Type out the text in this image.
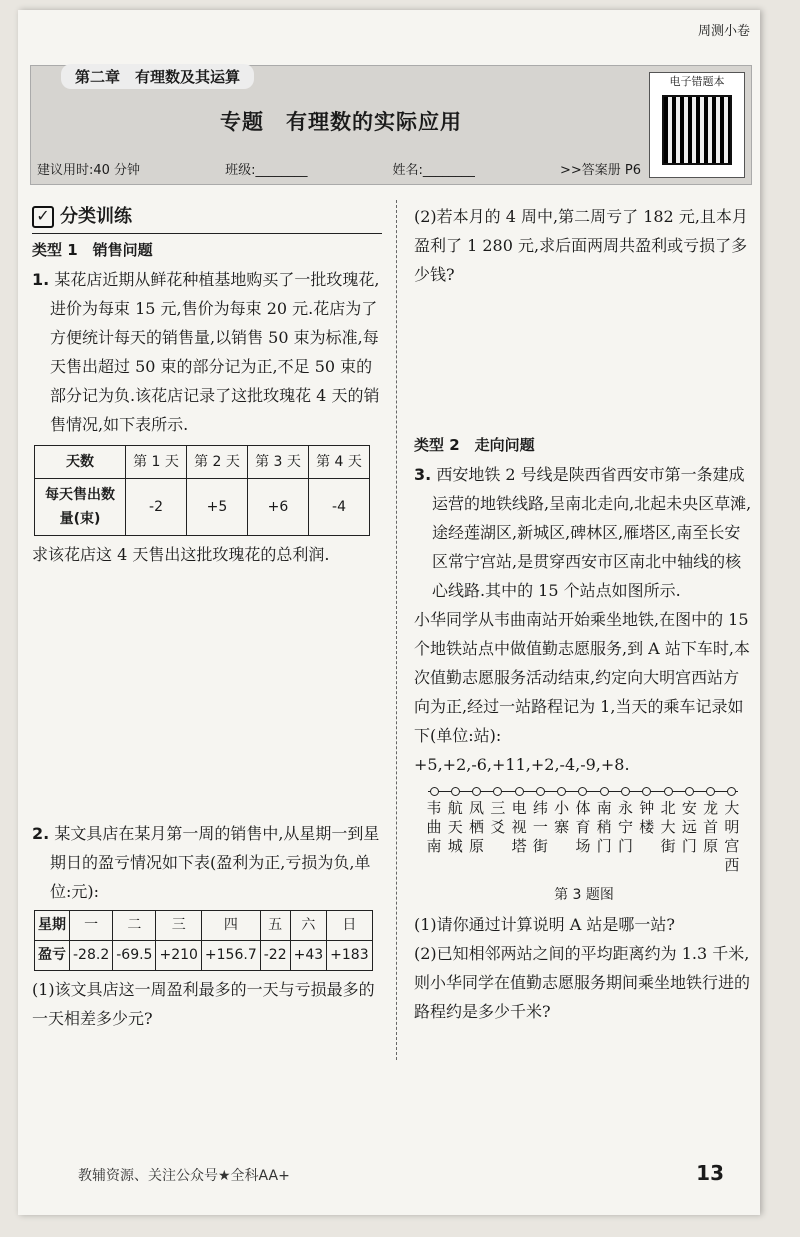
周测小卷
第二章　有理数及其运算
专题　有理数的实际应用
建议用时:40 分钟	班级:________	姓名:________	>>答案册 P6
电子错题本
✓ 分类训练
类型 1　销售问题
1. 某花店近期从鲜花种植基地购买了一批玫瑰花,进价为每束 15 元,售价为每束 20 元.花店为了方便统计每天的销售量,以销售 50 束为标准,每天售出超过 50 束的部分记为正,不足 50 束的部分记为负.该花店记录了这批玫瑰花 4 天的销售情况,如下表所示.
天数	第 1 天	第 2 天	第 3 天	第 4 天
每天售出数量(束)	-2	+5	+6	-4
求该花店这 4 天售出这批玫瑰花的总利润.
2. 某文具店在某月第一周的销售中,从星期一到星期日的盈亏情况如下表(盈利为正,亏损为负,单位:元):
星期	一	二	三	四	五	六	日
盈亏	-28.2	-69.5	+210	+156.7	-22	+43	+183
(1)该文具店这一周盈利最多的一天与亏损最多的一天相差多少元?
(2)若本月的 4 周中,第二周亏了 182 元,且本月盈利了 1 280 元,求后面两周共盈利或亏损了多少钱?
类型 2　走向问题
3. 西安地铁 2 号线是陕西省西安市第一条建成运营的地铁线路,呈南北走向,北起未央区草滩,途经莲湖区,新城区,碑林区,雁塔区,南至长安区常宁宫站,是贯穿西安市区南北中轴线的核心线路.其中的 15 个站点如图所示.
小华同学从韦曲南站开始乘坐地铁,在图中的 15 个地铁站点中做值勤志愿服务,到 A 站下车时,本次值勤志愿服务活动结束,约定向大明宫西站方向为正,经过一站路程记为 1,当天的乘车记录如下(单位:站):
+5,+2,-6,+11,+2,-4,-9,+8.
韦
曲
南
航
天
城
凤
栖
原
三
爻
电
视
塔
纬
一
街
小
寨
体
育
场
南
稍
门
永
宁
门
钟
楼
北
大
街
安
远
门
龙
首
原
大
明
宫
西
第 3 题图
(1)请你通过计算说明 A 站是哪一站?
(2)已知相邻两站之间的平均距离约为 1.3 千米,则小华同学在值勤志愿服务期间乘坐地铁行进的路程约是多少千米?
教辅资源、关注公众号★全科AA+	13
